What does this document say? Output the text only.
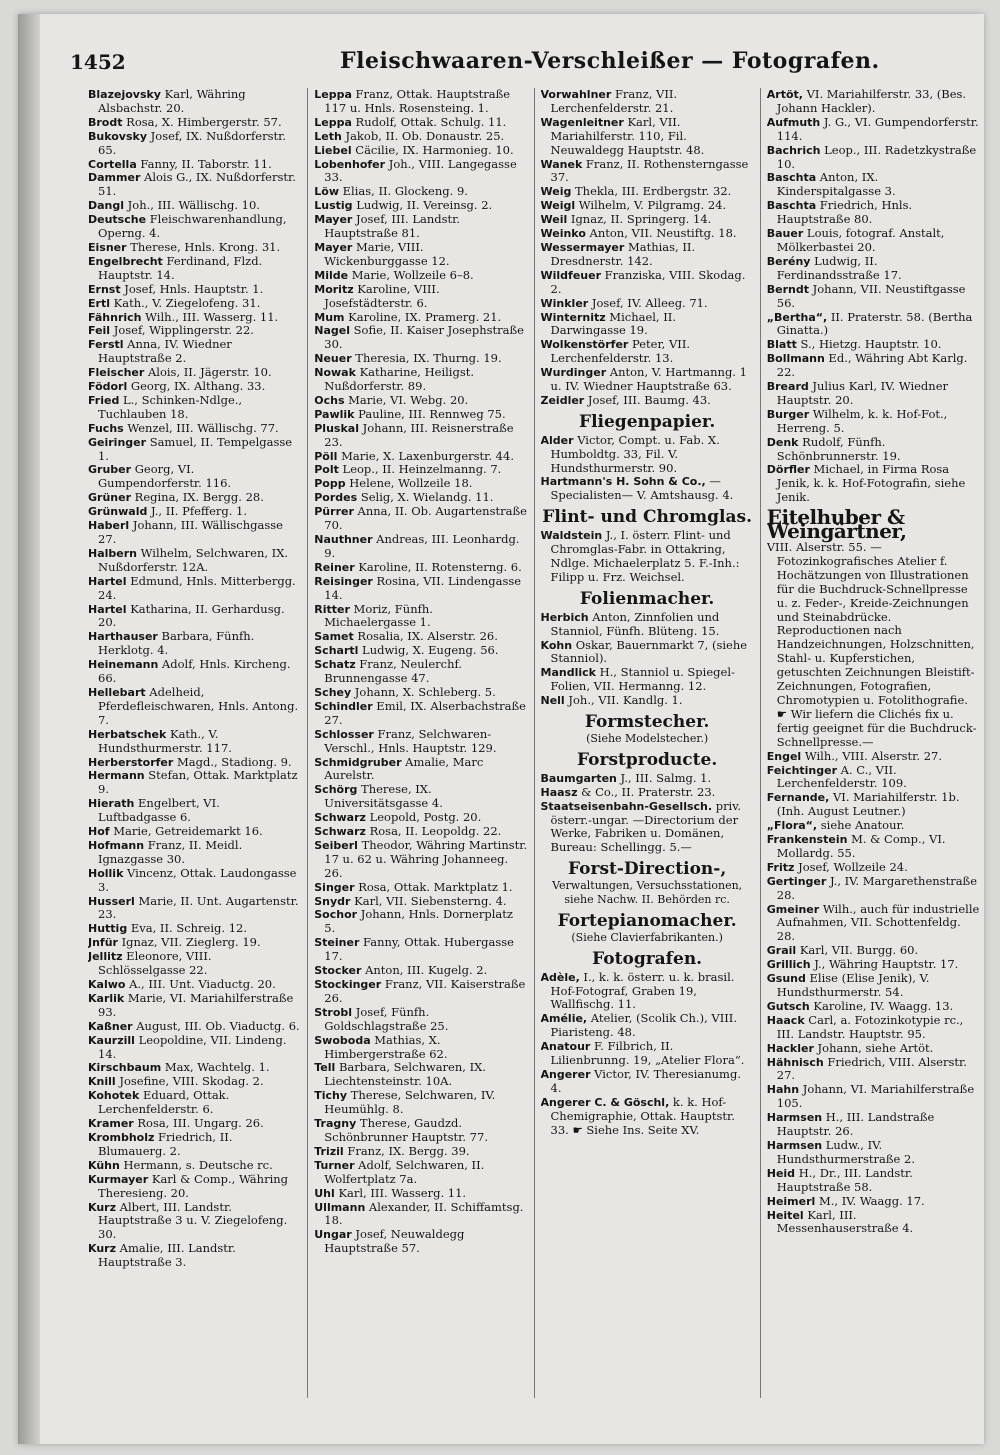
1452	Fleischwaaren-Verschleißer — Fotografen.
Blazejovsky Karl, Währing Alsbachstr. 20.
Brodt Rosa, X. Himbergerstr. 57.
Bukovsky Josef, IX. Nußdorferstr. 65.
Cortella Fanny, II. Taborstr. 11.
Dammer Alois G., IX. Nußdorferstr. 51.
Dangl Joh., III. Wällischg. 10.
Deutsche Fleischwarenhandlung, Operng. 4.
Eisner Therese, Hnls. Krong. 31.
Engelbrecht Ferdinand, Flzd. Hauptstr. 14.
Ernst Josef, Hnls. Hauptstr. 1.
Ertl Kath., V. Ziegelofeng. 31.
Fähnrich Wilh., III. Wasserg. 11.
Feil Josef, Wipplingerstr. 22.
Ferstl Anna, IV. Wiedner Hauptstraße 2.
Fleischer Alois, II. Jägerstr. 10.
Födorl Georg, IX. Althang. 33.
Fried L., Schinken-Ndlge., Tuchlauben 18.
Fuchs Wenzel, III. Wällischg. 77.
Geiringer Samuel, II. Tempelgasse 1.
Gruber Georg, VI. Gumpendorferstr. 116.
Grüner Regina, IX. Bergg. 28.
Grünwald J., II. Pfefferg. 1.
Haberl Johann, III. Wällischgasse 27.
Halbern Wilhelm, Selchwaren, IX. Nußdorferstr. 12A.
Hartel Edmund, Hnls. Mitterbergg. 24.
Hartel Katharina, II. Gerhardusg. 20.
Harthauser Barbara, Fünfh. Herklotg. 4.
Heinemann Adolf, Hnls. Kircheng. 66.
Hellebart Adelheid, Pferdefleischwaren, Hnls. Antong. 7.
Herbatschek Kath., V. Hundsthurmerstr. 117.
Herberstorfer Magd., Stadiong. 9.
Hermann Stefan, Ottak. Marktplatz 9.
Hierath Engelbert, VI. Luftbadgasse 6.
Hof Marie, Getreidemarkt 16.
Hofmann Franz, II. Meidl. Ignazgasse 30.
Hollik Vincenz, Ottak. Laudongasse 3.
Husserl Marie, II. Unt. Augartenstr. 23.
Huttig Eva, II. Schreig. 12.
Jnfür Ignaz, VII. Zieglerg. 19.
Jellitz Eleonore, VIII. Schlösselgasse 22.
Kalwo A., III. Unt. Viaductg. 20.
Karlik Marie, VI. Mariahilferstraße 93.
Kaßner August, III. Ob. Viaductg. 6.
Kaurzill Leopoldine, VII. Lindeng. 14.
Kirschbaum Max, Wachtelg. 1.
Knill Josefine, VIII. Skodag. 2.
Kohotek Eduard, Ottak. Lerchenfelderstr. 6.
Kramer Rosa, III. Ungarg. 26.
Krombholz Friedrich, II. Blumauerg. 2.
Kühn Hermann, s. Deutsche rc.
Kurmayer Karl & Comp., Währing Theresieng. 20.
Kurz Albert, III. Landstr. Hauptstraße 3 u. V. Ziegelofeng. 30.
Kurz Amalie, III. Landstr. Hauptstraße 3.
Leppa Franz, Ottak. Hauptstraße 117 u. Hnls. Rosensteing. 1.
Leppa Rudolf, Ottak. Schulg. 11.
Leth Jakob, II. Ob. Donaustr. 25.
Liebel Cäcilie, IX. Harmonieg. 10.
Lobenhofer Joh., VIII. Langegasse 33.
Löw Elias, II. Glockeng. 9.
Lustig Ludwig, II. Vereinsg. 2.
Mayer Josef, III. Landstr. Hauptstraße 81.
Mayer Marie, VIII. Wickenburggasse 12.
Milde Marie, Wollzeile 6–8.
Moritz Karoline, VIII. Josefstädterstr. 6.
Mum Karoline, IX. Pramerg. 21.
Nagel Sofie, II. Kaiser Josephstraße 30.
Neuer Theresia, IX. Thurng. 19.
Nowak Katharine, Heiligst. Nußdorferstr. 89.
Ochs Marie, VI. Webg. 20.
Pawlik Pauline, III. Rennweg 75.
Pluskal Johann, III. Reisnerstraße 23.
Pöll Marie, X. Laxenburgerstr. 44.
Polt Leop., II. Heinzelmanng. 7.
Popp Helene, Wollzeile 18.
Pordes Selig, X. Wielandg. 11.
Pürrer Anna, II. Ob. Augartenstraße 70.
Nauthner Andreas, III. Leonhardg. 9.
Reiner Karoline, II. Rotensterng. 6.
Reisinger Rosina, VII. Lindengasse 14.
Ritter Moriz, Fünfh. Michaelergasse 1.
Samet Rosalia, IX. Alserstr. 26.
Schartl Ludwig, X. Eugeng. 56.
Schatz Franz, Neulerchf. Brunnengasse 47.
Schey Johann, X. Schleberg. 5.
Schindler Emil, IX. Alserbachstraße 27.
Schlosser Franz, Selchwaren-Verschl., Hnls. Hauptstr. 129.
Schmidgruber Amalie, Marc Aurelstr.
Schörg Therese, IX. Universitätsgasse 4.
Schwarz Leopold, Postg. 20.
Schwarz Rosa, II. Leopoldg. 22.
Seiberl Theodor, Währing Martinstr. 17 u. 62 u. Währing Johanneeg. 26.
Singer Rosa, Ottak. Marktplatz 1.
Snydr Karl, VII. Siebensterng. 4.
Sochor Johann, Hnls. Dornerplatz 5.
Steiner Fanny, Ottak. Hubergasse 17.
Stocker Anton, III. Kugelg. 2.
Stockinger Franz, VII. Kaiserstraße 26.
Strobl Josef, Fünfh. Goldschlagstraße 25.
Swoboda Mathias, X. Himbergerstraße 62.
Tell Barbara, Selchwaren, IX. Liechtensteinstr. 10A.
Tichy Therese, Selchwaren, IV. Heumühlg. 8.
Tragny Therese, Gaudzd. Schönbrunner Hauptstr. 77.
Trizil Franz, IX. Bergg. 39.
Turner Adolf, Selchwaren, II. Wolfertplatz 7a.
Uhl Karl, III. Wasserg. 11.
Ullmann Alexander, II. Schiffamtsg. 18.
Ungar Josef, Neuwaldegg Hauptstraße 57.
Vorwahlner Franz, VII. Lerchenfelderstr. 21.
Wagenleitner Karl, VII. Mariahilferstr. 110, Fil. Neuwaldegg Hauptstr. 48.
Wanek Franz, II. Rothensterngasse 37.
Weig Thekla, III. Erdbergstr. 32.
Weigl Wilhelm, V. Pilgramg. 24.
Weil Ignaz, II. Springerg. 14.
Weinko Anton, VII. Neustiftg. 18.
Wessermayer Mathias, II. Dresdnerstr. 142.
Wildfeuer Franziska, VIII. Skodag. 2.
Winkler Josef, IV. Alleeg. 71.
Winternitz Michael, II. Darwingasse 19.
Wolkenstörfer Peter, VII. Lerchenfelderstr. 13.
Wurdinger Anton, V. Hartmanng. 1 u. IV. Wiedner Hauptstraße 63.
Zeidler Josef, III. Baumg. 43.
Fliegenpapier.
Alder Victor, Compt. u. Fab. X. Humboldtg. 33, Fil. V. Hundsthurmerstr. 90.
Hartmann's H. Sohn & Co., —Specialisten— V. Amtshausg. 4.
Flint- und Chromglas.
Waldstein J., I. österr. Flint- und Chromglas-Fabr. in Ottakring, Ndlge. Michaelerplatz 5. F.-Inh.: Filipp u. Frz. Weichsel.
Folienmacher.
Herbich Anton, Zinnfolien und Stanniol, Fünfh. Blüteng. 15.
Kohn Oskar, Bauernmarkt 7, (siehe Stanniol).
Mandlick H., Stanniol u. Spiegel-Folien, VII. Hermanng. 12.
Nell Joh., VII. Kandlg. 1.
Formstecher.
(Siehe Modelstecher.)
Forstproducte.
Baumgarten J., III. Salmg. 1.
Haasz & Co., II. Praterstr. 23.
Staatseisenbahn-Gesellsch. priv. österr.-ungar. —Directorium der Werke, Fabriken u. Domänen, Bureau: Schellingg. 5.—
Forst-Direction-,
Verwaltungen, Versuchsstationen, siehe Nachw. II. Behörden rc.
Fortepianomacher.
(Siehe Clavierfabrikanten.)
Fotografen.
Adèle, I., k. k. österr. u. k. brasil. Hof-Fotograf, Graben 19, Wallfischg. 11.
Amélie, Atelier, (Scolik Ch.), VIII. Piaristeng. 48.
Anatour F. Filbrich, II. Lilienbrunng. 19, „Atelier Flora“.
Angerer Victor, IV. Theresianumg. 4.
Angerer C. & Göschl, k. k. Hof-Chemigraphie, Ottak. Hauptstr. 33. ☛ Siehe Ins. Seite XV.
Artöt, VI. Mariahilferstr. 33, (Bes. Johann Hackler).
Aufmuth J. G., VI. Gumpendorferstr. 114.
Bachrich Leop., III. Radetzkystraße 10.
Baschta Anton, IX. Kinderspitalgasse 3.
Baschta Friedrich, Hnls. Hauptstraße 80.
Bauer Louis, fotograf. Anstalt, Mölkerbastei 20.
Berény Ludwig, II. Ferdinandsstraße 17.
Berndt Johann, VII. Neustiftgasse 56.
„Bertha“, II. Praterstr. 58. (Bertha Ginatta.)
Blatt S., Hietzg. Hauptstr. 10.
Bollmann Ed., Währing Abt Karlg. 22.
Breard Julius Karl, IV. Wiedner Hauptstr. 20.
Burger Wilhelm, k. k. Hof-Fot., Herreng. 5.
Denk Rudolf, Fünfh. Schönbrunnerstr. 19.
Dörfler Michael, in Firma Rosa Jenik, k. k. Hof-Fotografin, siehe Jenik.
Eitelhuber & Weingärtner,
VIII. Alserstr. 55. —Fotozinkografisches Atelier f. Hochätzungen von Illustrationen für die Buchdruck-Schnellpresse u. z. Feder-, Kreide-Zeichnungen und Steinabdrücke. Reproductionen nach Handzeichnungen, Holzschnitten, Stahl- u. Kupferstichen, getuschten Zeichnungen Bleistift-Zeichnungen, Fotografien, Chromotypien u. Fotolithografie. ☛ Wir liefern die Clichés fix u. fertig geeignet für die Buchdruck-Schnellpresse.—
Engel Wilh., VIII. Alserstr. 27.
Feichtinger A. C., VII. Lerchenfelderstr. 109.
Fernande, VI. Mariahilferstr. 1b. (Inh. August Leutner.)
„Flora“, siehe Anatour.
Frankenstein M. & Comp., VI. Mollardg. 55.
Fritz Josef, Wollzeile 24.
Gertinger J., IV. Margarethenstraße 28.
Gmeiner Wilh., auch für industrielle Aufnahmen, VII. Schottenfeldg. 28.
Grail Karl, VII. Burgg. 60.
Grillich J., Währing Hauptstr. 17.
Gsund Elise (Elise Jenik), V. Hundsthurmerstr. 54.
Gutsch Karoline, IV. Waagg. 13.
Haack Carl, a. Fotozinkotypie rc., III. Landstr. Hauptstr. 95.
Hackler Johann, siehe Artöt.
Hähnisch Friedrich, VIII. Alserstr. 27.
Hahn Johann, VI. Mariahilferstraße 105.
Harmsen H., III. Landstraße Hauptstr. 26.
Harmsen Ludw., IV. Hundsthurmerstraße 2.
Heid H., Dr., III. Landstr. Hauptstraße 58.
Heimerl M., IV. Waagg. 17.
Heitel Karl, III. Messenhauserstraße 4.
